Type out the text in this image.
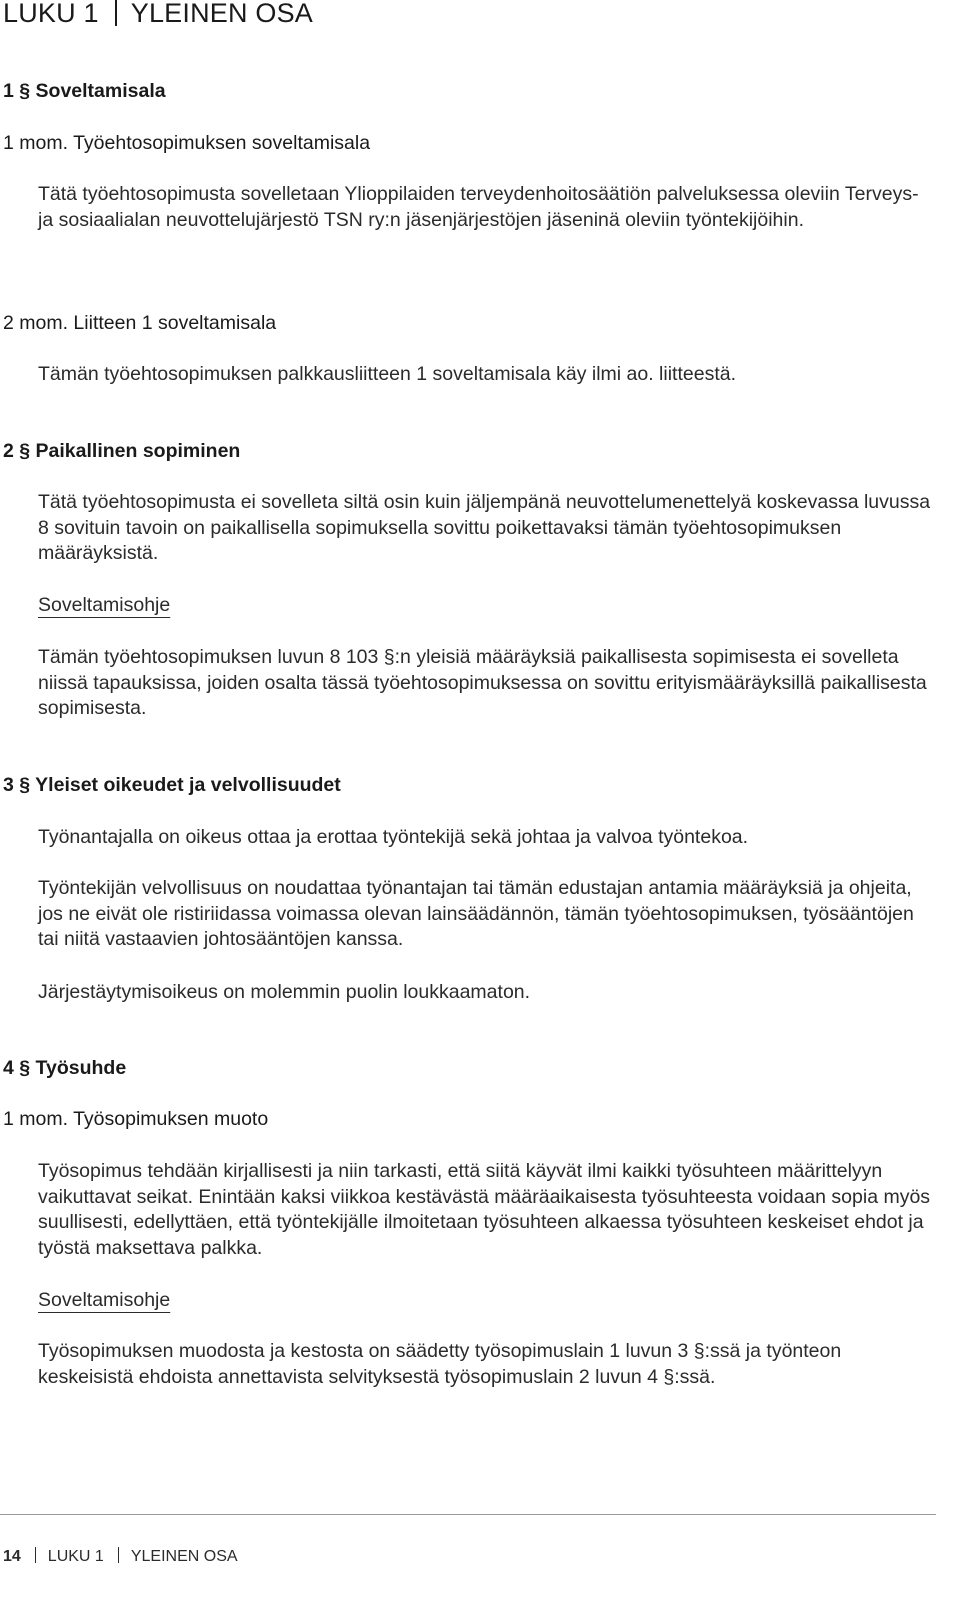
LUKU 1 YLEINEN OSA
1 § Soveltamisala
1 mom. Työehtosopimuksen soveltamisala
Tätä työehtosopimusta sovelletaan Ylioppilaiden terveydenhoitosäätiön palveluksessa oleviin Terveys- ja sosiaalialan neuvottelujärjestö TSN ry:n jäsenjärjestöjen jäseninä oleviin työntekijöihin.
2 mom. Liitteen 1 soveltamisala
Tämän työehtosopimuksen palkkausliitteen 1 soveltamisala käy ilmi ao. liitteestä.
2 § Paikallinen sopiminen
Tätä työehtosopimusta ei sovelleta siltä osin kuin jäljempänä neuvottelumenettelyä koskevassa luvussa 8 sovituin tavoin on paikallisella sopimuksella sovittu poikettavaksi tämän työehtosopimuksen määräyksistä.
Soveltamisohje
Tämän työehtosopimuksen luvun 8 103 §:n yleisiä määräyksiä paikallisesta sopimisesta ei sovelleta niissä tapauksissa, joiden osalta tässä työehtosopimuksessa on sovittu erityismääräyksillä paikallisesta sopimisesta.
3 § Yleiset oikeudet ja velvollisuudet
Työnantajalla on oikeus ottaa ja erottaa työntekijä sekä johtaa ja valvoa työntekoa.
Työntekijän velvollisuus on noudattaa työnantajan tai tämän edustajan antamia määräyksiä ja ohjeita, jos ne eivät ole ristiriidassa voimassa olevan lainsäädännön, tämän työehtosopimuksen, työsääntöjen tai niitä vastaavien johtosääntöjen kanssa.
Järjestäytymisoikeus on molemmin puolin loukkaamaton.
4 § Työsuhde
1 mom. Työsopimuksen muoto
Työsopimus tehdään kirjallisesti ja niin tarkasti, että siitä käyvät ilmi kaikki työsuhteen määrittelyyn vaikuttavat seikat. Enintään kaksi viikkoa kestävästä määräaikaisesta työsuhteesta voidaan sopia myös suullisesti, edellyttäen, että työntekijälle ilmoitetaan työsuhteen alkaessa työsuhteen keskeiset ehdot ja työstä maksettava palkka.
Soveltamisohje
Työsopimuksen muodosta ja kestosta on säädetty työsopimuslain 1 luvun 3 §:ssä ja työnteon keskeisistä ehdoista annettavista selvityksestä työsopimuslain 2 luvun 4 §:ssä.
14 LUKU 1 YLEINEN OSA
